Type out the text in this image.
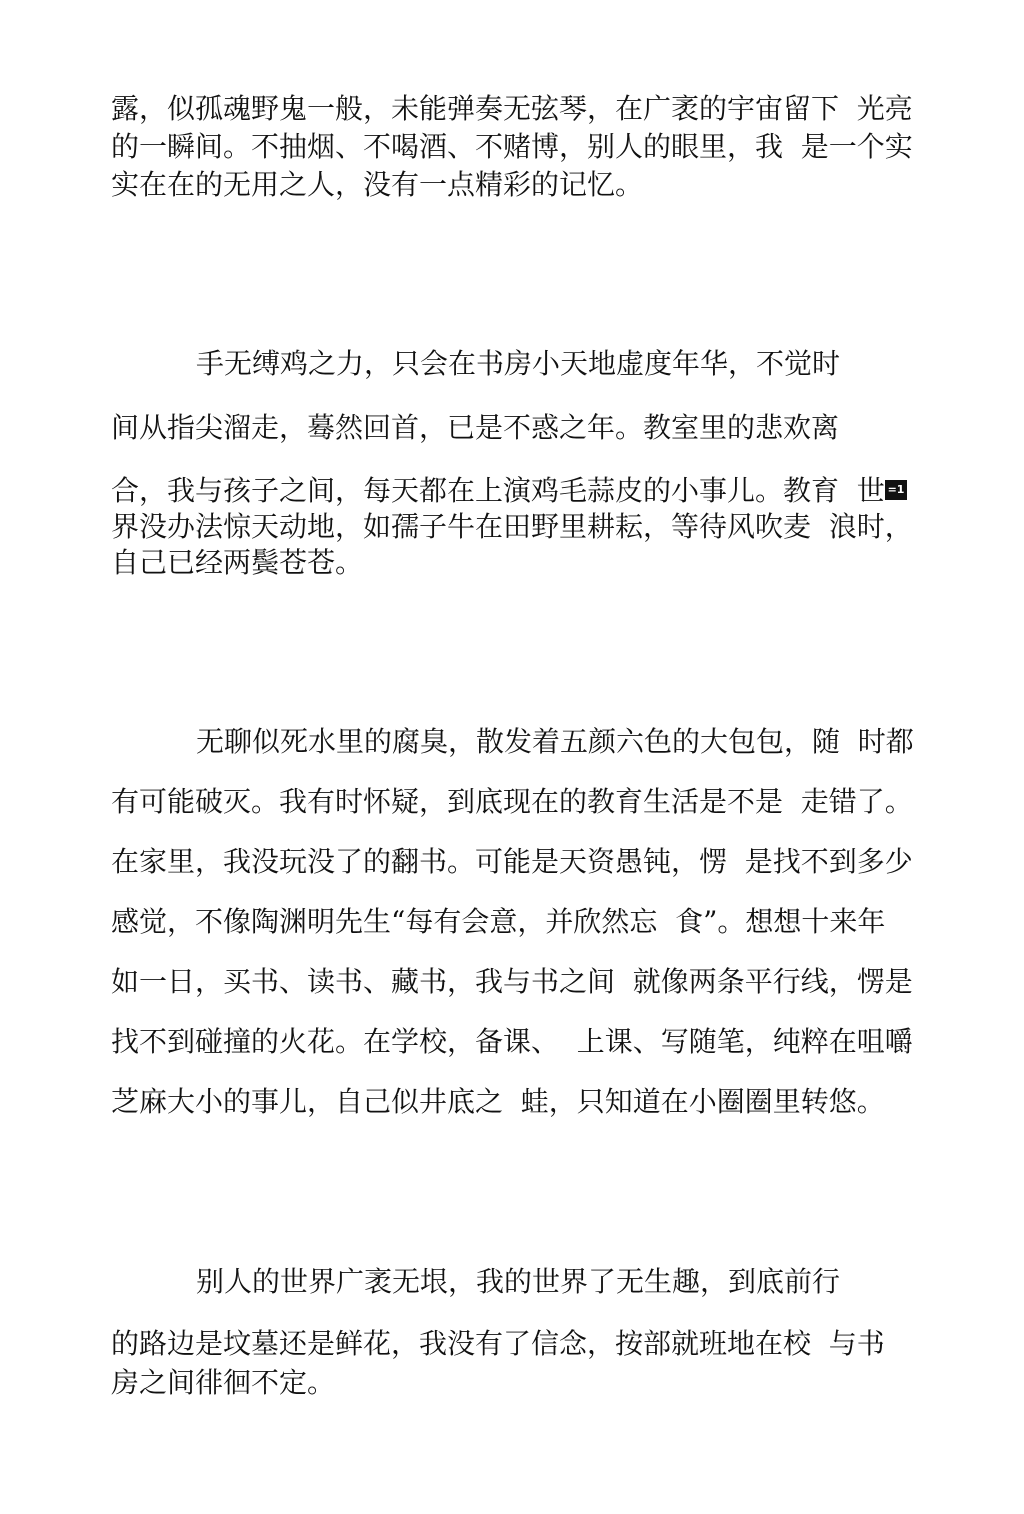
露，似孤魂野鬼一般，未能弹奏无弦琴，在广袤的宇宙留下  光亮
的一瞬间。不抽烟、不喝酒、不赌博，别人的眼里，我  是一个实
实在在的无用之人，没有一点精彩的记忆。
手无缚鸡之力，只会在书房小天地虚度年华，不觉时
间从指尖溜走，蓦然回首，已是不惑之年。教室里的悲欢离
合，我与孩子之间，每天都在上演鸡毛蒜皮的小事儿。教育  世
界没办法惊天动地，如孺子牛在田野里耕耘，等待风吹麦  浪时，
自己已经两鬓苍苍。
=1
无聊似死水里的腐臭，散发着五颜六色的大包包，随  时都
有可能破灭。我有时怀疑，到底现在的教育生活是不是  走错了。
在家里，我没玩没了的翻书。可能是天资愚钝，愣  是找不到多少
感觉，不像陶渊明先生“每有会意，并欣然忘  食”。想想十来年
如一日，买书、读书、藏书，我与书之间  就像两条平行线，愣是
找不到碰撞的火花。在学校，备课、  上课、写随笔，纯粹在咀嚼
芝麻大小的事儿，自己似井底之  蛙，只知道在小圈圈里转悠。
别人的世界广袤无垠，我的世界了无生趣，到底前行
的路边是坟墓还是鲜花，我没有了信念，按部就班地在校  与书
房之间徘徊不定。
